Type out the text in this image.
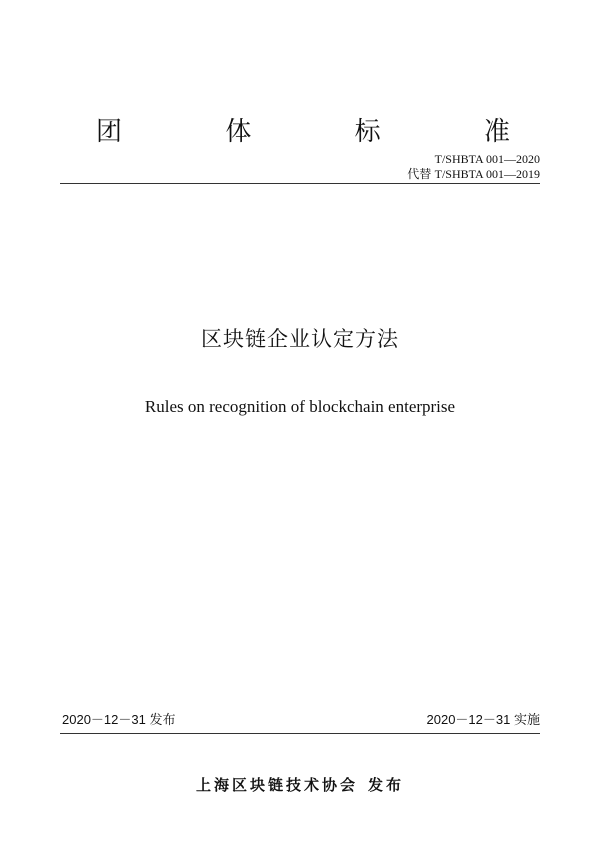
团	体	标	准
T/SHBTA 001—2020
代替 T/SHBTA 001—2019
区块链企业认定方法
Rules on recognition of blockchain enterprise
2020－12－31 发布	2020－12－31 实施
上海区块链技术协会 发布
